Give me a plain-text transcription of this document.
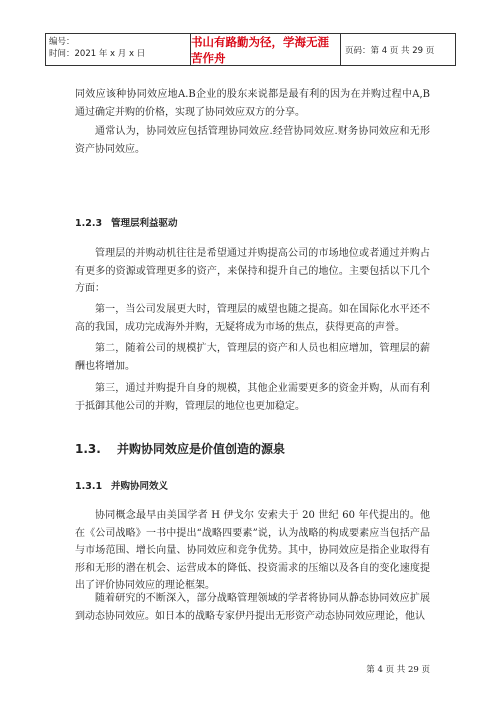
编号：
时间：2021 年 x 月 x 日
书山有路勤为径，学海无涯苦作舟	页码：第 4 页 共 29 页
同效应该种协同效应地A.B企业的股东来说都是最有利的因为在并购过程中A,B通过确定并购的价格，实现了协同效应双方的分享。
通常认为，协同效应包括管理协同效应.经营协同效应.财务协同效应和无形资产协同效应。
1.2.3 管理层利益驱动
管理层的并购动机往往是希望通过并购提高公司的市场地位或者通过并购占有更多的资源或管理更多的资产，来保持和提升自己的地位。主要包括以下几个方面：
第一，当公司发展更大时，管理层的威望也随之提高。如在国际化水平还不高的我国，成功完成海外并购，无疑将成为市场的焦点，获得更高的声誉。
第二，随着公司的规模扩大，管理层的资产和人员也相应增加，管理层的薪酬也将增加。
第三，通过并购提升自身的规模，其他企业需要更多的资金并购，从而有利于抵御其他公司的并购，管理层的地位也更加稳定。
1.3. 并购协同效应是价值创造的源泉
1.3.1 并购协同效义
协同概念最早由美国学者 H 伊戈尔 安索夫于 20 世纪 60 年代提出的。他在《公司战略》一书中提出“战略四要素”说，认为战略的构成要素应当包括产品与市场范围、增长向量、协同效应和竞争优势。其中，协同效应是指企业取得有形和无形的潜在机会、运营成本的降低、投资需求的压缩以及各自的变化速度提出了评价协同效应的理论框架。
随着研究的不断深入，部分战略管理领域的学者将协同从静态协同效应扩展到动态协同效应。如日本的战略专家伊丹提出无形资产动态协同效应理论，他认
第 4 页 共 29 页
